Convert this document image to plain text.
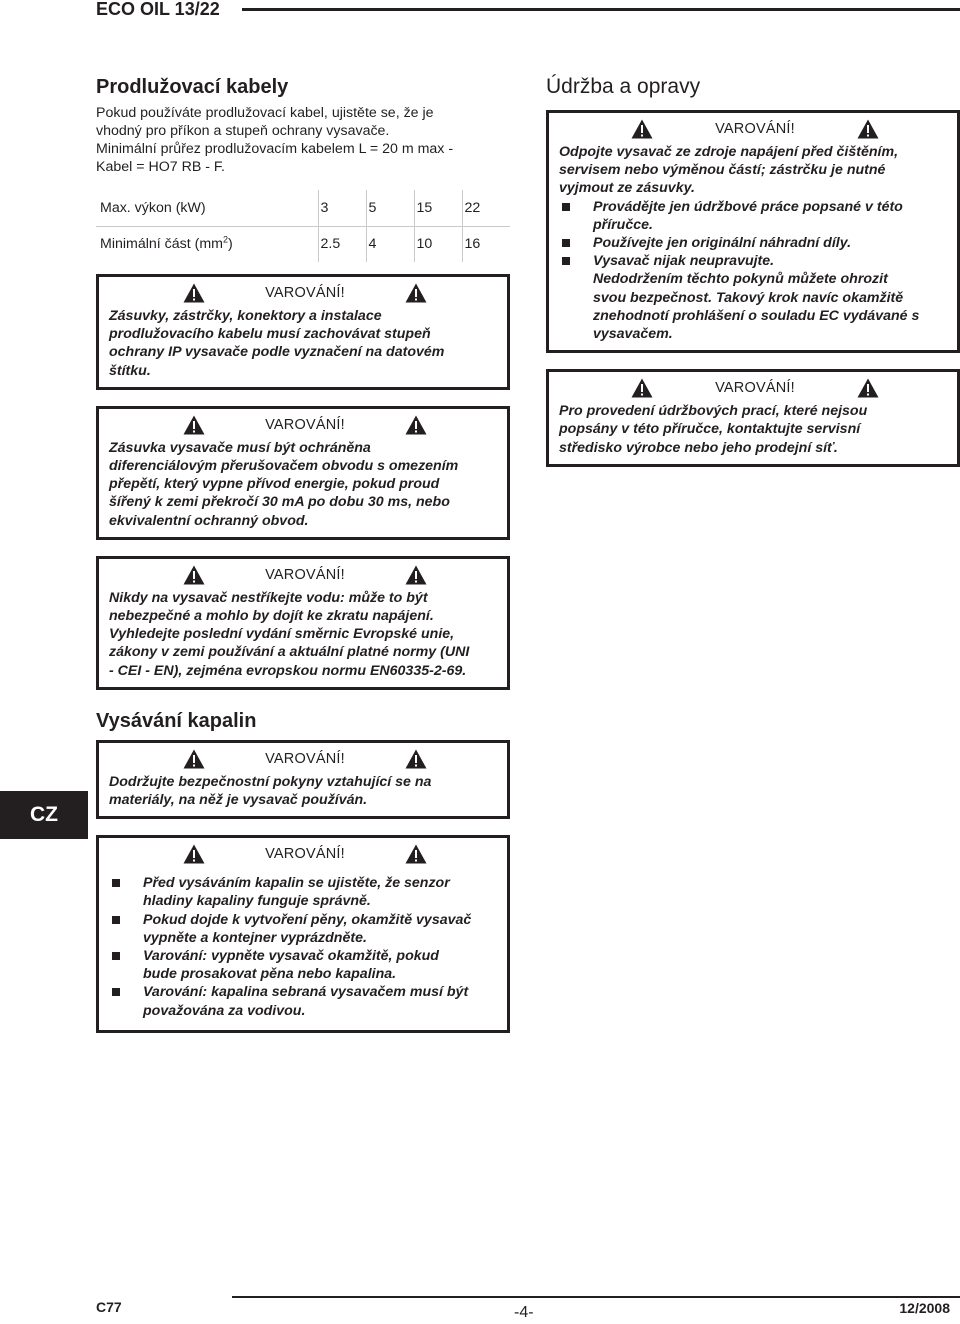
ECO OIL 13/22
Prodlužovací kabely
Pokud používáte prodlužovací kabel, ujistěte se, že je
vhodný pro příkon a stupeň ochrany vysavače.
Minimální průřez prodlužovacím kabelem L = 20 m max -
Kabel = HO7 RB - F.
Max. výkon (kW)	3	5	15	22
Minimální část $(mm^2)$	2.5	4	10	16
VAROVÁNÍ!
Zásuvky, zástrčky, konektory a instalace
prodlužovacího kabelu musí zachovávat stupeň
ochrany IP vysavače podle vyznačení na datovém
štítku.
VAROVÁNÍ!
Zásuvka vysavače musí být ochráněna
diferenciálovým přerušovačem obvodu s omezením
přepětí, který vypne přívod energie, pokud proud
šířený k zemi překročí 30 mA po dobu 30 ms, nebo
ekvivalentní ochranný obvod.
VAROVÁNÍ!
Nikdy na vysavač nestříkejte vodu: může to být
nebezpečné a mohlo by dojít ke zkratu napájení.
Vyhledejte poslední vydání směrnic Evropské unie,
zákony v zemi používání a aktuální platné normy (UNI
- CEI - EN), zejména evropskou normu EN60335-2-69.
Vysávání kapalin
VAROVÁNÍ!
Dodržujte bezpečnostní pokyny vztahující se na
materiály, na něž je vysavač používán.
VAROVÁNÍ!
Před vysáváním kapalin se ujistěte, že senzor
hladiny kapaliny funguje správně.
Pokud dojde k vytvoření pěny, okamžitě vysavač
vypněte a kontejner vyprázdněte.
Varování: vypněte vysavač okamžitě, pokud
bude prosakovat pěna nebo kapalina.
Varování: kapalina sebraná vysavačem musí být
považována za vodivou.
Údržba a opravy
VAROVÁNÍ!
Odpojte vysavač ze zdroje napájení před čištěním,
servisem nebo výměnou částí; zástrčku je nutné
vyjmout ze zásuvky.
Provádějte jen údržbové práce popsané v této
příručce.
Používejte jen originální náhradní díly.
Vysavač nijak neupravujte.
Nedodržením těchto pokynů můžete ohrozit
svou bezpečnost. Takový krok navíc okamžitě
znehodnotí prohlášení o souladu EC vydávané s
vysavačem.
VAROVÁNÍ!
Pro provedení údržbových prací, které nejsou
popsány v této příručce, kontaktujte servisní
středisko výrobce nebo jeho prodejní síť.
CZ
C77	-4-	12/2008
